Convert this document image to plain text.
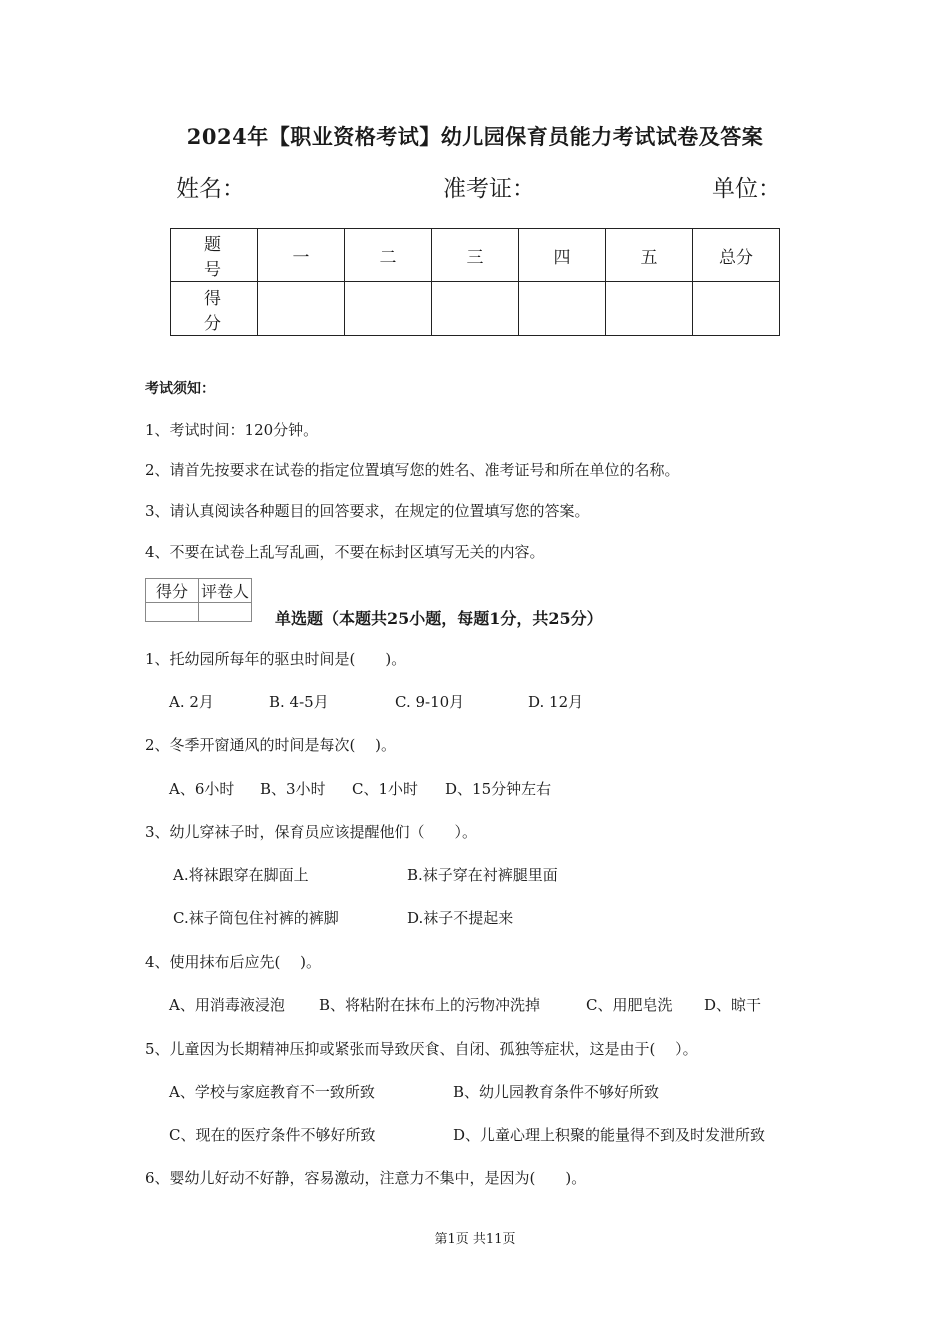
2024年【职业资格考试】幼儿园保育员能力考试试卷及答案
姓名：	准考证：	单位：
题　号	一	二	三	四	五	总分
得　分						
考试须知：
1、考试时间：120分钟。
2、请首先按要求在试卷的指定位置填写您的姓名、准考证号和所在单位的名称。
3、请认真阅读各种题目的回答要求，在规定的位置填写您的答案。
4、不要在试卷上乱写乱画，不要在标封区填写无关的内容。
得分	评卷人

单选题（本题共25小题，每题1分，共25分）
1、托幼园所每年的驱虫时间是(　　)。
A. 2月	B. 4-5月	C. 9-10月	D. 12月
2、冬季开窗通风的时间是每次(　 )。
A、6小时 B、3小时 C、1小时 D、15分钟左右
3、幼儿穿袜子时，保育员应该提醒他们（　　）。
A.将袜跟穿在脚面上	B.袜子穿在衬裤腿里面
C.袜子筒包住衬裤的裤脚	D.袜子不提起来
4、使用抹布后应先(　 )。
A、用消毒液浸泡 B、将粘附在抹布上的污物冲洗掉	C、用肥皂洗 D、晾干
5、儿童因为长期精神压抑或紧张而导致厌食、自闭、孤独等症状，这是由于(　 ）。
A、学校与家庭教育不一致所致	B、幼儿园教育条件不够好所致
C、现在的医疗条件不够好所致	D、儿童心理上积聚的能量得不到及时发泄所致
6、婴幼儿好动不好静，容易激动，注意力不集中，是因为(　　)。
第1页 共11页
